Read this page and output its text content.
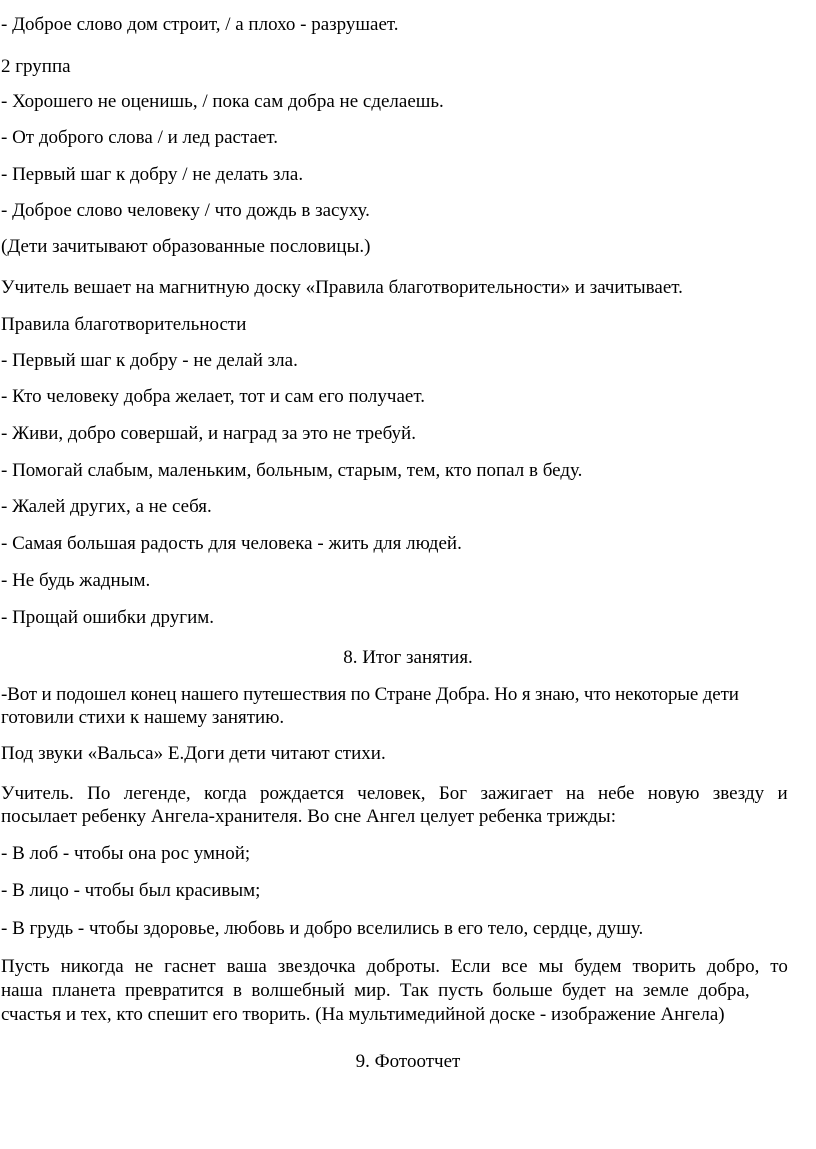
- Доброе слово дом строит, / а плохо - разрушает.

2 группа

- Хорошего не оценишь, / пока сам добра не сделаешь.

- От доброго слова / и лед растает.

- Первый шаг к добру / не делать зла.

- Доброе слово человеку / что дождь в засуху.

(Дети зачитывают образованные пословицы.)

Учитель вешает на магнитную доску «Правила благотворительности» и зачитывает.

Правила благотворительности

- Первый шаг к добру - не делай зла.

- Кто человеку добра желает, тот и сам его получает.

- Живи, добро совершай, и наград за это не требуй.

- Помогай слабым, маленьким, больным, старым, тем, кто попал в беду.

- Жалей других, а не себя.

- Самая большая радость для человека - жить для людей.

- Не будь жадным.

- Прощай ошибки другим.

8. Итог занятия.

-Вот и подошел конец нашего путешествия по Стране Добра. Но я знаю, что некоторые дети

готовили стихи к нашему занятию.

Под звуки «Вальса» Е.Доги дети читают стихи.

Учитель. По легенде, когда рождается человек, Бог зажигает на небе новую звезду и

посылает ребенку Ангела-хранителя. Во сне Ангел целует ребенка трижды:

- В лоб - чтобы она рос умной;

- В лицо - чтобы был красивым;

- В грудь - чтобы здоровье, любовь и добро вселились в его тело, сердце, душу.

Пусть никогда не гаснет ваша звездочка доброты. Если все мы будем творить добро, то

наша планета превратится в волшебный мир. Так пусть больше будет на земле добра,

счастья и тех, кто спешит его творить. (На мультимедийной доске - изображение Ангела)

9. Фотоотчет
